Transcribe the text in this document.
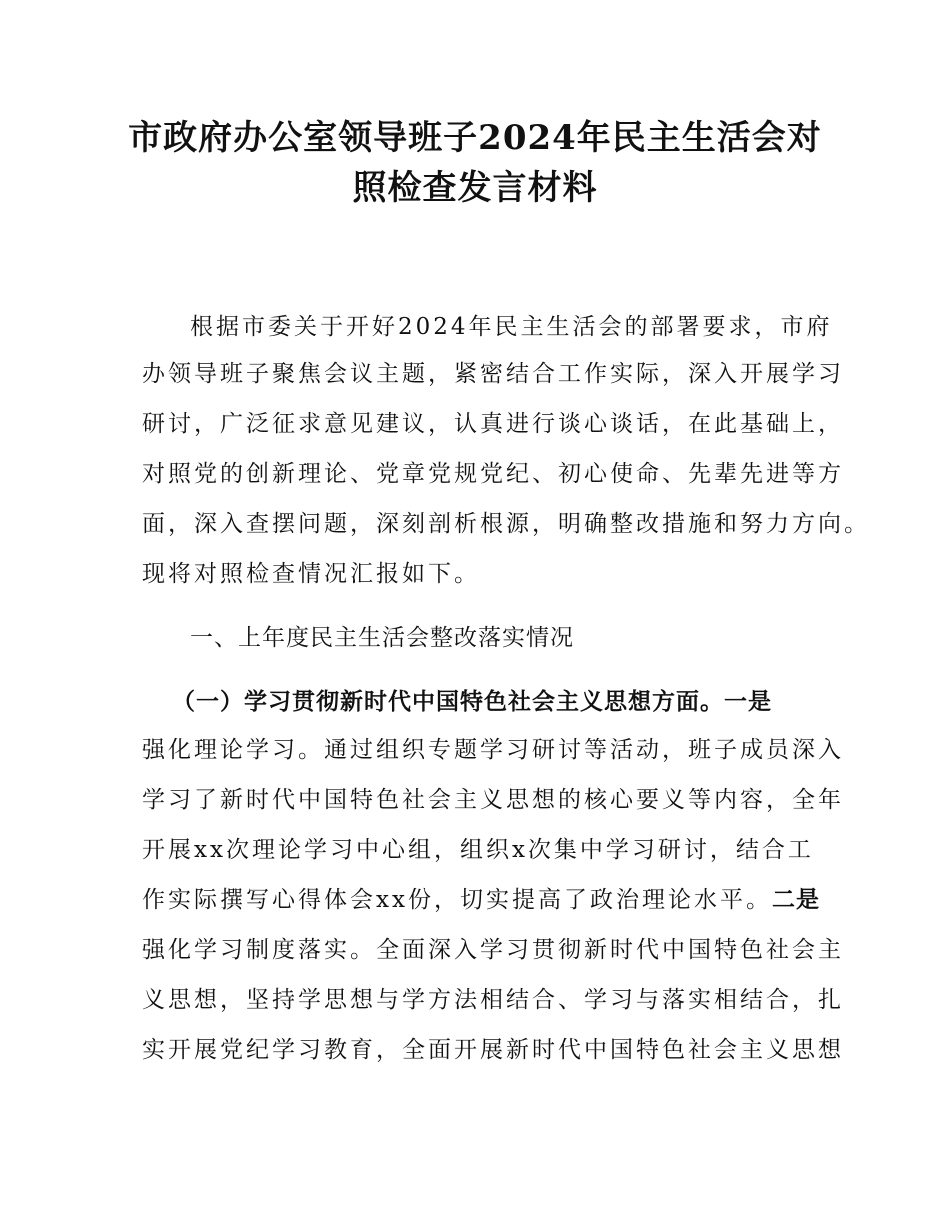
市政府办公室领导班子2024年民主生活会对
照检查发言材料

根据市委关于开好2024年民主生活会的部署要求，市府

办领导班子聚焦会议主题，紧密结合工作实际，深入开展学习

研讨，广泛征求意见建议，认真进行谈心谈话，在此基础上，

对照党的创新理论、党章党规党纪、初心使命、先辈先进等方

面，深入查摆问题，深刻剖析根源，明确整改措施和努力方向。

现将对照检查情况汇报如下。

一、上年度民主生活会整改落实情况

（一）学习贯彻新时代中国特色社会主义思想方面。一是

强化理论学习。通过组织专题学习研讨等活动，班子成员深入

学习了新时代中国特色社会主义思想的核心要义等内容，全年

开展xx次理论学习中心组，组织x次集中学习研讨，结合工

作实际撰写心得体会xx份，切实提高了政治理论水平。二是

强化学习制度落实。全面深入学习贯彻新时代中国特色社会主

义思想，坚持学思想与学方法相结合、学习与落实相结合，扎

实开展党纪学习教育，全面开展新时代中国特色社会主义思想
